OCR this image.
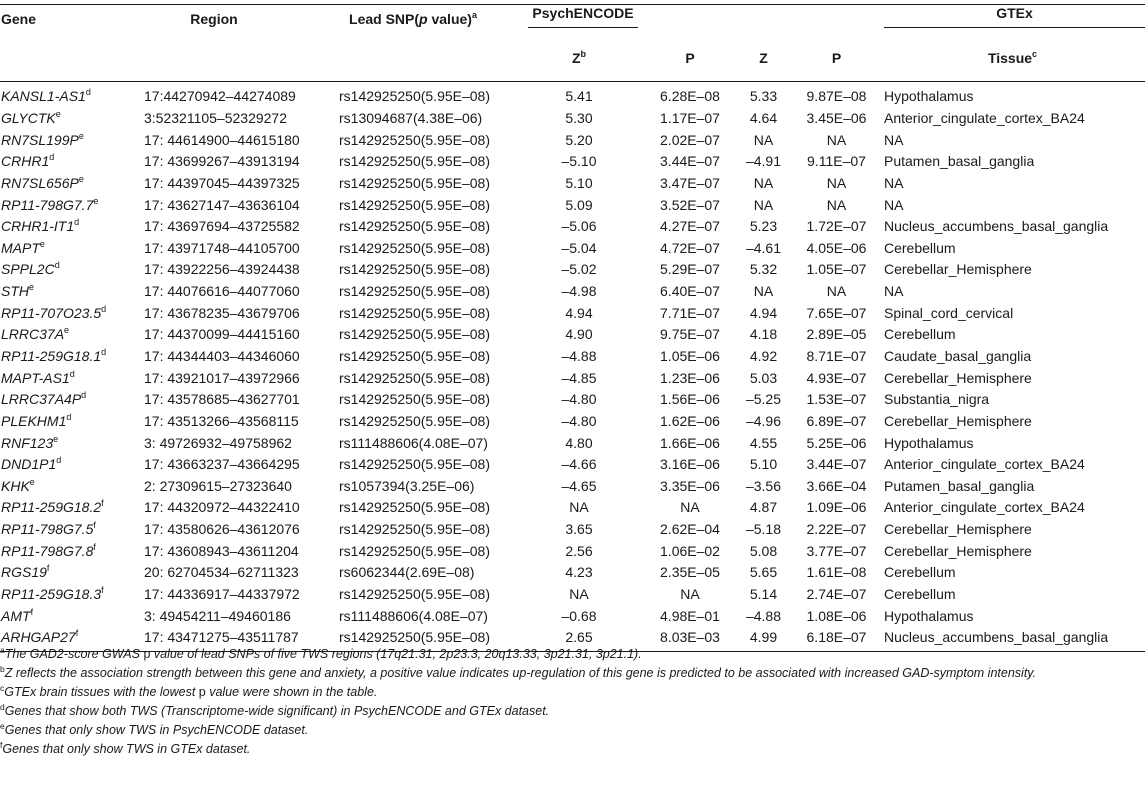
Gene	Region	Lead SNP(p value)$^a$	PsychENCODE				GTEx

			$Z^b$	P	Z	P	Tissue$^c$
KANSL1-AS1$^d$	17:44270942–44274089	rs142925250(5.95E–08)	5.41	6.28E–08	5.33	9.87E–08	Hypothalamus
GLYCTK$^e$	3:52321105–52329272	rs13094687(4.38E–06)	5.30	1.17E–07	4.64	3.45E–06	Anterior_cingulate_cortex_BA24
$RN7SL199P^e$	17: 44614900–44615180	rs142925250(5.95E–08)	5.20	2.02E–07	NA	NA	NA
CRHR1$^d$	17: 43699267–43913194	rs142925250(5.95E–08)	–5.10	3.44E–07	–4.91	9.11E–07	Putamen_basal_ganglia
$RN7SL656P^e$	17: 44397045–44397325	rs142925250(5.95E–08)	5.10	3.47E–07	NA	NA	NA
RP11-798G7.7e	17: 43627147–43636104	rs142925250(5.95E–08)	5.09	3.52E–07	NA	NA	NA
CRHR1-IT1$^d$	17: 43697694–43725582	rs142925250(5.95E–08)	–5.06	4.27E–07	5.23	1.72E–07	Nucleus_accumbens_basal_ganglia
MAPT$^e$	17: 43971748–44105700	rs142925250(5.95E–08)	–5.04	4.72E–07	–4.61	4.05E–06	Cerebellum
$SPPL2C^d$	17: 43922256–43924438	rs142925250(5.95E–08)	–5.02	5.29E–07	5.32	1.05E–07	Cerebellar_Hemisphere
STH$^e$	17: 44076616–44077060	rs142925250(5.95E–08)	–4.98	6.40E–07	NA	NA	NA
RP11-707O23.5$^d$	17: 43678235–43679706	rs142925250(5.95E–08)	4.94	7.71E–07	4.94	7.65E–07	Spinal_cord_cervical
$LRRC37A^e$	17: 44370099–44415160	rs142925250(5.95E–08)	4.90	9.75E–07	4.18	2.89E–05	Cerebellum
RP11-259G18.1$^d$	17: 44344403–44346060	rs142925250(5.95E–08)	–4.88	1.05E–06	4.92	8.71E–07	Caudate_basal_ganglia
MAPT-AS1$^d$	17: 43921017–43972966	rs142925250(5.95E–08)	–4.85	1.23E–06	5.03	4.93E–07	Cerebellar_Hemisphere
$LRRC37A4P^d$	17: 43578685–43627701	rs142925250(5.95E–08)	–4.80	1.56E–06	–5.25	1.53E–07	Substantia_nigra
PLEKHM1$^d$	17: 43513266–43568115	rs142925250(5.95E–08)	–4.80	1.62E–06	–4.96	6.89E–07	Cerebellar_Hemisphere
RNF123e	3: 49726932–49758962	rs111488606(4.08E–07)	4.80	1.66E–06	4.55	5.25E–06	Hypothalamus
DND1P1$^d$	17: 43663237–43664295	rs142925250(5.95E–08)	–4.66	3.16E–06	5.10	3.44E–07	Anterior_cingulate_cortex_BA24
KHK$^e$	2: 27309615–27323640	rs1057394(3.25E–06)	–4.65	3.35E–06	–3.56	3.66E–04	Putamen_basal_ganglia
RP11-259G18.2$^f$	17: 44320972–44322410	rs142925250(5.95E–08)	NA	NA	4.87	1.09E–06	Anterior_cingulate_cortex_BA24
RP11-798G7.5$^f$	17: 43580626–43612076	rs142925250(5.95E–08)	3.65	2.62E–04	–5.18	2.22E–07	Cerebellar_Hemisphere
RP11-798G7.8$^f$	17: 43608943–43611204	rs142925250(5.95E–08)	2.56	1.06E–02	5.08	3.77E–07	Cerebellar_Hemisphere
RGS19$^f$	20: 62704534–62711323	rs6062344(2.69E–08)	4.23	2.35E–05	5.65	1.61E–08	Cerebellum
RP11-259G18.3$^f$	17: 44336917–44337972	rs142925250(5.95E–08)	NA	NA	5.14	2.74E–07	Cerebellum
AMT$^f$	3: 49454211–49460186	rs111488606(4.08E–07)	–0.68	4.98E–01	–4.88	1.08E–06	Hypothalamus
ARHGAP27$^f$	17: 43471275–43511787	rs142925250(5.95E–08)	2.65	8.03E–03	4.99	6.18E–07	Nucleus_accumbens_basal_ganglia
$^a$The GAD2-score GWAS p value of lead SNPs of five TWS regions (17q21.31, 2p23.3, 20q13.33, 3p21.31, 3p21.1).
$^b$Z reflects the association strength between this gene and anxiety, a positive value indicates up-regulation of this gene is predicted to be associated with increased GAD-symptom intensity.
$^c$GTEx brain tissues with the lowest p value were shown in the table.
$^d$Genes that show both TWS (Transcriptome-wide significant) in PsychENCODE and GTEx dataset.
$^e$Genes that only show TWS in PsychENCODE dataset.
$^f$Genes that only show TWS in GTEx dataset.
